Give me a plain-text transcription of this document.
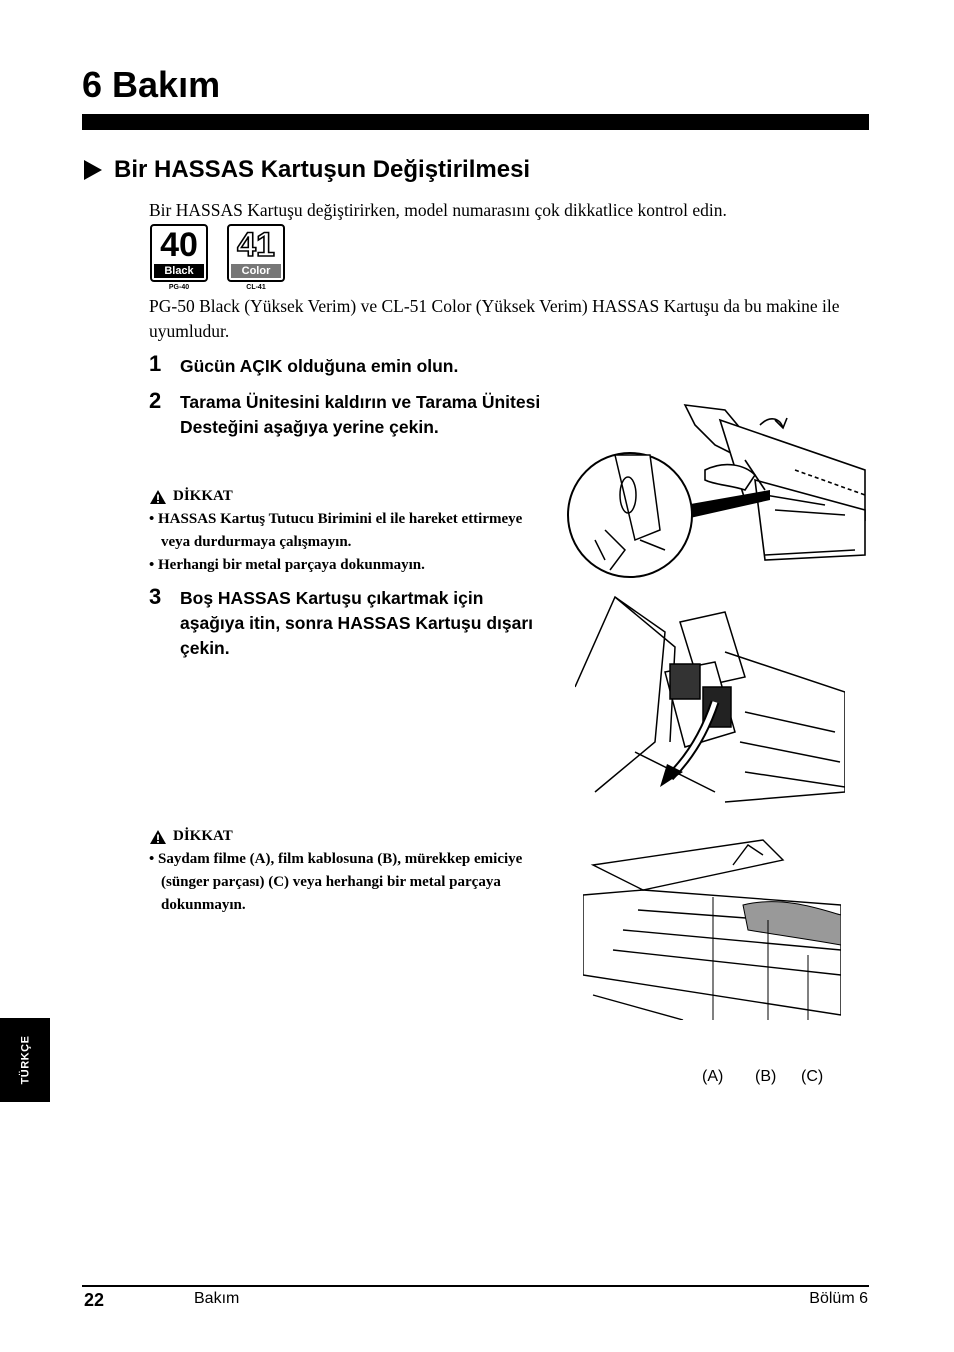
6 Bakım
Bir HASSAS Kartuşun Değiştirilmesi
Bir HASSAS Kartuşu değiştirirken, model numarasını çok dikkatlice kontrol edin.
40
Black
PG-40
41
Color
CL-41
PG-50 Black (Yüksek Verim) ve CL-51 Color (Yüksek Verim) HASSAS Kartuşu da bu makine ile uyumludur.
1 Gücün AÇIK olduğuna emin olun.
2 Tarama Ünitesini kaldırın ve Tarama Ünitesi Desteğini aşağıya yerine çekin.
DİKKAT
• HASSAS Kartuş Tutucu Birimini el ile hareket ettirmeye veya durdurmaya çalışmayın.
• Herhangi bir metal parçaya dokunmayın.
3 Boş HASSAS Kartuşu çıkartmak için aşağıya itin, sonra HASSAS Kartuşu dışarı çekin.
DİKKAT
• Saydam filme (A), film kablosuna (B), mürekkep emiciye (sünger parçası) (C) veya herhangi bir metal parçaya dokunmayın.
(A) (B) (C)
TÜRKÇE
22	Bakım	Bölüm 6
